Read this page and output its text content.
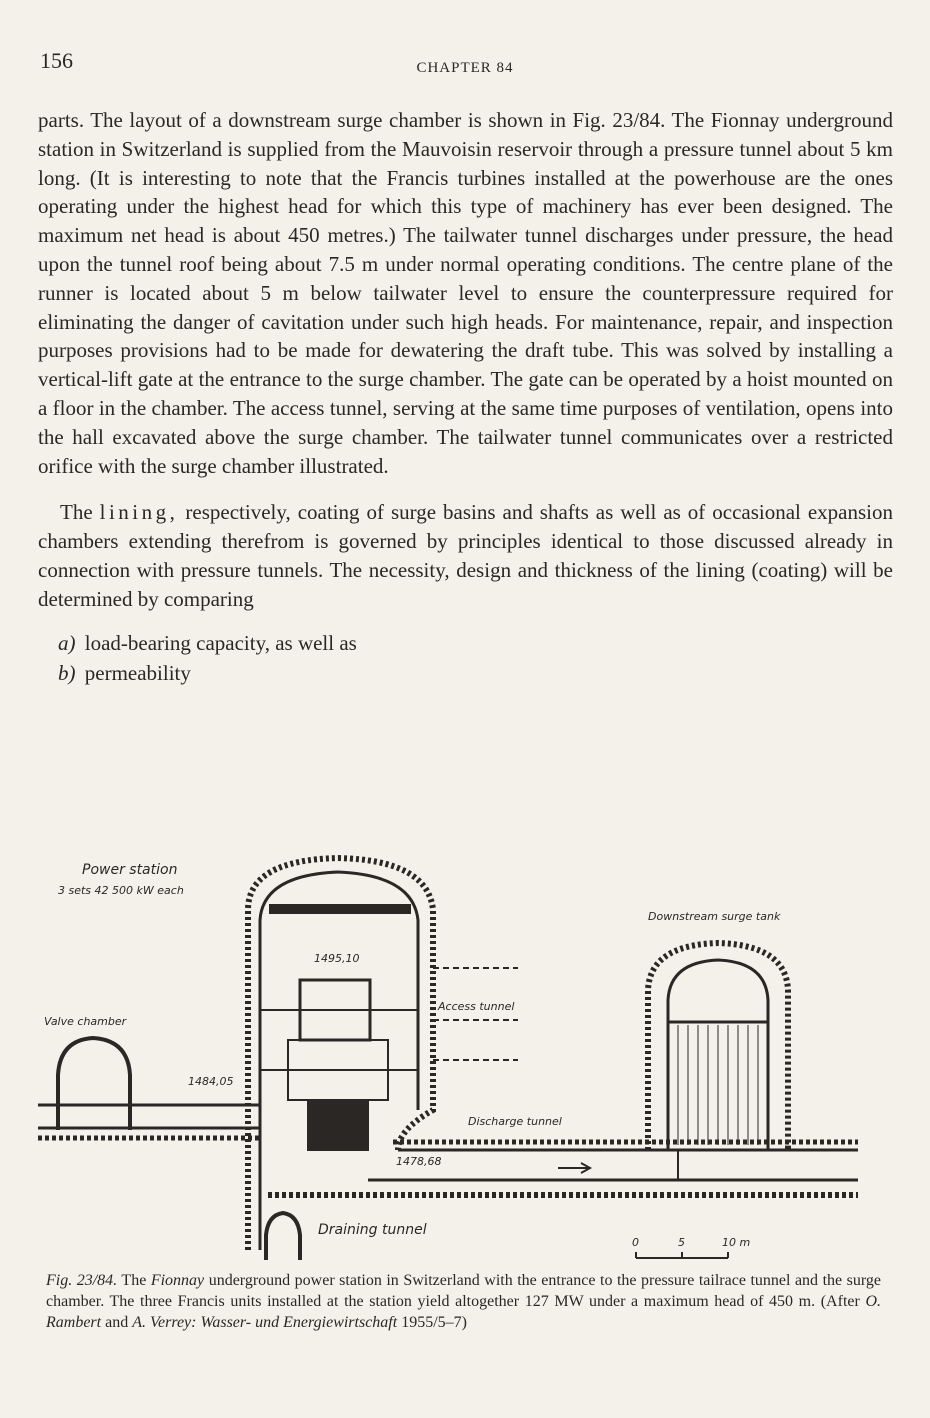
156	CHAPTER 84

parts. The layout of a downstream surge chamber is shown in Fig. 23/84. The Fionnay underground station in Switzerland is supplied from the Mauvoisin reservoir through a pressure tunnel about 5 km long. (It is interesting to note that the Francis turbines installed at the powerhouse are the ones operating under the highest head for which this type of machinery has ever been designed. The maximum net head is about 450 metres.) The tailwater tunnel discharges under pressure, the head upon the tunnel roof being about 7.5 m under normal operating conditions. The centre plane of the runner is located about 5 m below tailwater level to ensure the counterpressure required for eliminating the danger of cavitation under such high heads. For maintenance, repair, and inspection purposes provisions had to be made for dewatering the draft tube. This was solved by installing a vertical-lift gate at the entrance to the surge chamber. The gate can be operated by a hoist mounted on a floor in the chamber. The access tunnel, serving at the same time purposes of ventilation, opens into the hall excavated above the surge chamber. The tailwater tunnel communicates over a restricted orifice with the surge chamber illustrated.

The lining, respectively, coating of surge basins and shafts as well as of occasional expansion chambers extending therefrom is governed by principles identical to those discussed already in connection with pressure tunnels. The necessity, design and thickness of the lining (coating) will be determined by comparing

a) load-bearing capacity, as well as
b) permeability
Power station
3 sets 42 500 kW each
Valve chamber
1484,05
1495,10
Access tunnel
Discharge tunnel
1478,68
Draining tunnel
Downstream surge tank
0	5	10 m
Fig. 23/84. The Fionnay underground power station in Switzerland with the entrance to the pressure tailrace tunnel and the surge chamber. The three Francis units installed at the station yield altogether 127 MW under a maximum head of 450 m. (After O. Rambert and A. Verrey: Wasser- und Energiewirtschaft 1955/5–7)
